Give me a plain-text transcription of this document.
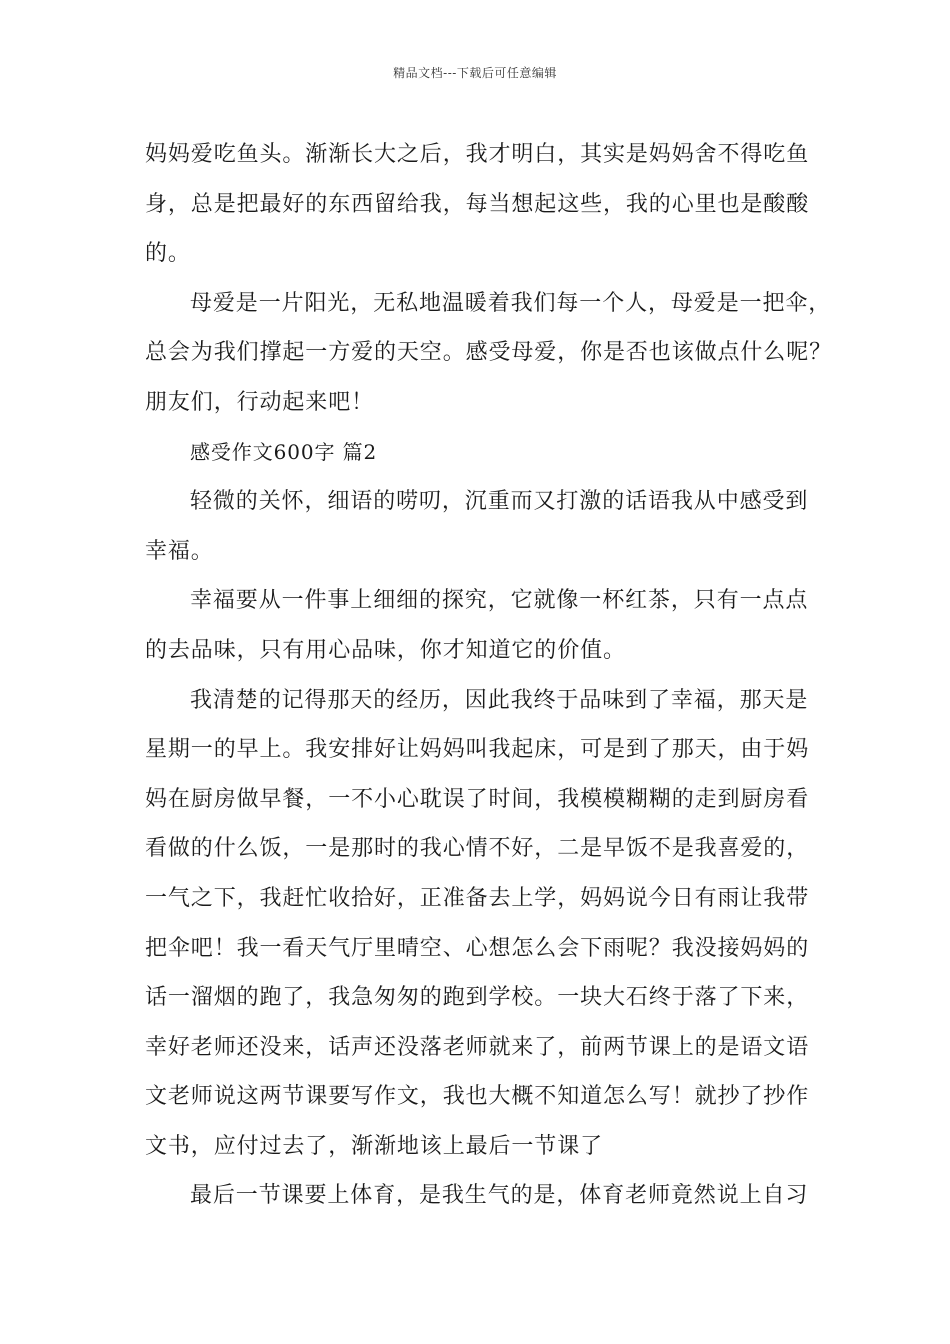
精品文档---下载后可任意编辑
妈妈爱吃鱼头。渐渐长大之后，我才明白，其实是妈妈舍不得吃鱼
身，总是把最好的东西留给我，每当想起这些，我的心里也是酸酸
的。
母爱是一片阳光，无私地温暖着我们每一个人，母爱是一把伞，
总会为我们撑起一方爱的天空。感受母爱，你是否也该做点什么呢？
朋友们，行动起来吧！
感受作文600字 篇2
轻微的关怀，细语的唠叨，沉重而又打激的话语我从中感受到
幸福。
幸福要从一件事上细细的探究，它就像一杯红茶，只有一点点
的去品味，只有用心品味，你才知道它的价值。
我清楚的记得那天的经历，因此我终于品味到了幸福，那天是
星期一的早上。我安排好让妈妈叫我起床，可是到了那天，由于妈
妈在厨房做早餐，一不小心耽误了时间，我模模糊糊的走到厨房看
看做的什么饭，一是那时的我心情不好，二是早饭不是我喜爱的，
一气之下，我赶忙收拾好，正准备去上学，妈妈说今日有雨让我带
把伞吧！我一看天气厅里晴空、心想怎么会下雨呢？我没接妈妈的
话一溜烟的跑了，我急匆匆的跑到学校。一块大石终于落了下来，
幸好老师还没来，话声还没落老师就来了，前两节课上的是语文语
文老师说这两节课要写作文，我也大概不知道怎么写！就抄了抄作
文书，应付过去了，渐渐地该上最后一节课了
最后一节课要上体育，是我生气的是，体育老师竟然说上自习
